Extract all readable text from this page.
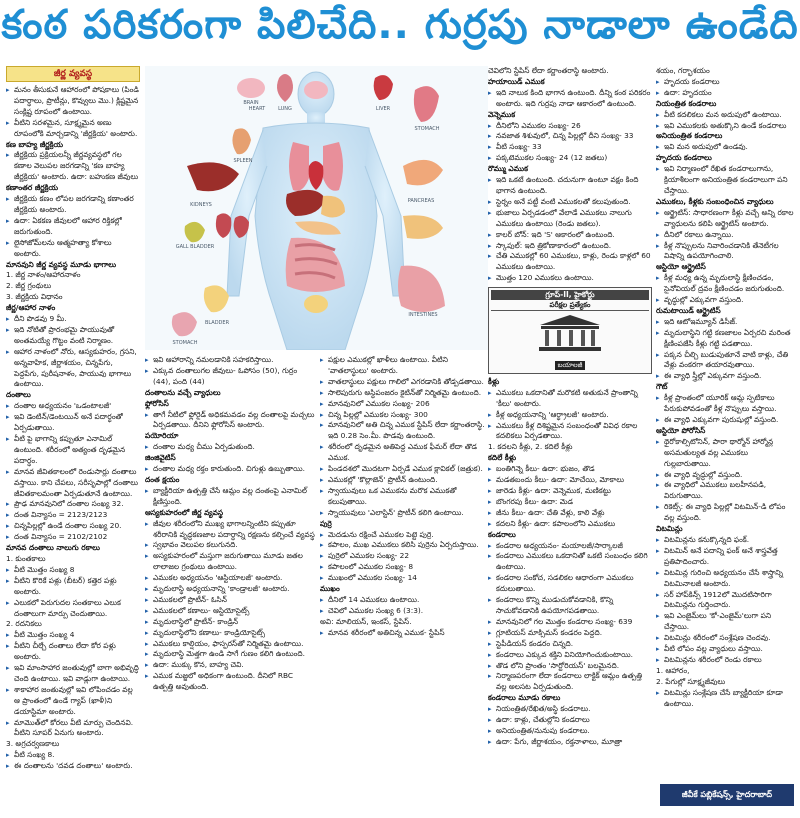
కంఠ పరికరంగా పిలిచేది.. గుర్రపు నాడాలా ఉండేది
జీర్ణ వ్యవస్థ
▸ మనం తీసుకునే ఆహారంలో పోషకాలు (పిండి పదార్థాలు, ప్రొటీన్లు, కొవ్వులు మొ.) క్లిష్టమైన సంక్లిష్ట రూపంలో ఉంటాయి.
▸ వీటిని సరళమైన, సూక్ష్మమైన అణు రూపంలోకి మార్చడాన్ని 'జీర్ణక్రియ' అంటారు.
కణ బాహ్య జీర్ణక్రియ
▸ జీర్ణక్రియ ప్రక్రియలన్నీ జీర్ణవ్యవస్థలో గల కణాల వెలుపల జరగడాన్ని 'కణ బాహ్య జీర్ణక్రియ' అంటారు. ఉదా: బహుకణ జీవులు
కణాంతర జీర్ణక్రియ
▸ జీర్ణక్రియ కణం లోపల జరగడాన్ని కణాంతర జీర్ణక్రియ అంటారు.
▸ ఉదా: ఏకకణ జీవులలో ఆహార రిక్తికల్లో జరుగుతుంది.
▸ లైసోజోమ్‌లను ఆత్మహత్యా కోశాలు అంటారు.
మానవుని జీర్ణ వ్యవస్థ మూడు భాగాలు
1. జీర్ణ నాళం/ఆహారనాళం
2. జీర్ణ గ్రంథులు
3. జీర్ణక్రియ విధానం
జీర్ణ/ఆహార నాళం
▸ దీని పొడవు 9 మీ.
▸ ఇది నోటితో ప్రారంభమై పాయువుతో అంతమయ్యే గొట్టం వంటి నిర్మాణం.
▸ ఆహార నాళంలో నోరు, ఆస్యకుహరం, గ్రసని, అన్నవాహిక, జీర్ణాశయం, చిన్నపేగు, పెద్దపేగు, పురీషనాళం, పాయువు భాగాలు ఉంటాయి.
దంతాలు
▸ దంతాల అధ్యయనం 'ఒడంటాలజీ'
▸ ఇవి డెంటిన్/డెంటయిన్ అనే పదార్థంతో ఏర్పడుతాయి.
▸ వీటి పై భాగాన్ని కప్పుతూ ఎనామిల్ ఉంటుంది. శరీరంలో అత్యంత దృఢమైన పదార్థం.
▸ మానవ జీవితకాలంలో రెండుసార్లు దంతాలు వస్తాయి. కాని చేపలు, సరీసృపాల్లో దంతాలు జీవితకాలమంతా ఏర్పడుతూనే ఉంటాయి.
▸ ప్రౌఢ మానవునిలో దంతాల సంఖ్య 32.
▸ దంత విన్యాసం = 2123/2123
▸ చిన్నపిల్లల్లో ఉండే దంతాల సంఖ్య 20.
▸ దంత విన్యాసం = 2102/2102
మానవ దంతాలు నాలుగు రకాలు
1. కుంతకాలు
▸ వీటి మొత్తం సంఖ్య 8
▸ వీటిని కొరికే పళ్లు (బీటర్) కత్తెర పళ్లు అంటారు.
▸ ఎలుకలో పెరుగుదల సంతకాలు ఎలుక దంతాలుగా మార్పు చెందుతాయి.
2. రదనికలు
▸ వీటి మొత్తం సంఖ్య 4
▸ వీటిని చీల్చే దంతాలు లేదా కోర పళ్లు అంటారు.
▸ ఇవి మాంసాహార జంతువుల్లో బాగా అభివృద్ధి చెంది ఉంటాయి. ఇవి వాడ్లుగా ఉంటాయి.
▸ శాకాహార జంతువుల్లో ఇవి లోపించడం వల్ల ఆ ప్రాంతంలో ఉండే గ్యాప్ (ఖాళీ)ని డయాస్టిమా అంటారు.
▸ మామొత్‌లో కోరలు వీటి మార్పు చెందినవి. వీటిని సూపర్ ఏనుగు అంటారు.
3. అగ్రచర్వణకాలు
▸ వీటి సంఖ్య 8.
▸ ఈ దంతాలను 'దవడ దంతాలు' అంటారు.
HEART	LUNG	LIVER
BRAIN
STOMACH
SPLEEN
KIDNEYS
INTESTINES
PANCREAS
GALL BLADDER
BLADDER
STOMACH
▸ ఇవి ఆహారాన్ని నమలడానికి సహకరిస్తాయి.
▸ ఎక్కువ దంతాలుగల జీవులు- ఓపోసం (50), గుర్రం (44), పంది (44)
దంతాలను వచ్చే వ్యాధులు
ఫ్లోరోసిస్
▸ తాగే నీటిలో ఫ్లోరైడ్ అధికమవడం వల్ల దంతాలపై మచ్చలు ఏర్పడతాయి. దీనిని ఫ్లోరోసిస్ అంటారు.
పయోరియా
▸ దంతాల మధ్య చీము ఏర్పడుతుంది.
జింజివైటిస్
▸ దంతాల మధ్య రక్తం కారుతుంది. చిగుళ్లు ఉబ్బుతాయి.
దంత క్షయం
▸ బ్యాక్టీరియా ఉత్పత్తి చేసే ఆమ్లం వల్ల దంతంపై ఎనామిల్ క్షీణిస్తుంది.
ఆస్యకుహరంలో జీర్ణ వ్యవస్థ
▸ జీవుల శరీరంలోని ముఖ్య భాగాలన్నింటిని కప్పుతూ శరీరానికి వృద్ధకణజాల పదార్థాన్ని రక్షణను కల్పించే వ్యవస్థ
▸ స్వభావం వెలుపల కలుగునది.
▸ అస్యకుహరంలో మస్తుగా జరుగుతాయి మూడు జతల లాలాజల గ్రంథులు ఉంటాయి.
▸ ఎముకల అధ్యయనం 'ఆస్టియాలజీ' అంటారు.
▸ మృదులాస్థి అధ్యయనాన్ని 'కాండ్రాలజీ' అంటారు.
▸ ఎముకలలో ప్రొటీన్- ఓసిన్
▸ ఎముకలలో కణాలు- ఆస్టియోసైట్స్
▸ మృదులాస్థిలో ప్రొటీన్- కాండ్రిన్
▸ మృదులాస్థిలోని కణాలు- కాండ్రియోసైట్స్
▸ ఎముకలు కాల్షియం, ఫాస్ఫరస్‌తో నిర్మితమై ఉంటాయి.
▸ మృదులాస్థి మెత్తగా ఉండి సాగే గుణం కలిగి ఉంటుంది.
▸ ఉదా: ముక్కు కొన, బాహ్య చెవి.
▸ ఎముక మజ్జలో అధికంగా ఉంటుంది. దీనిలో RBC ఉత్పత్తి అవుతుంది.
▸ పక్షుల ఎముకల్లో ఖాళీలు ఉంటాయి. వీటిని 'వాతలాస్థులు' అంటారు.
▸ వాతలాస్థులు పక్షులు గాలిలో ఎగరడానికి తోడ్పడతాయి.
▸ సాలెపురుగు అస్థిపంజరం కైటిన్‌తో నిర్మితమై ఉంటుంది.
▸ మానవునిలో ఎముకల సంఖ్య- 206
▸ చిన్న పిల్లల్లో ఎముకల సంఖ్య- 300
▸ మానవునిలో అతి చిన్న ఎముక స్టేపిస్ లేదా కర్ణాంతరాస్థి. ఇది 0.28 సెం.మీ. పొడవు ఉంటుంది.
▸ శరీరంలో దృఢమైన అతిపెద్ద ఎముక ఫీమర్ లేదా తొడ ఎముక.
▸ పిండదశలో మొదటగా ఏర్పడే ఎముక క్లావికల్ (జత్రుక).
▸ ఎముకల్లో 'కొల్లాజెన్' ప్రొటీన్ ఉంటుంది.
▸ స్వాయువులు ఒక ఎముకను మరొక ఎముకతో కలుపుతాయి.
▸ స్నాయువులు 'ఎలాస్టిన్' ప్రొటీన్ కలిగి ఉంటాయి.
పుర్రె
▸ మెదడును రక్షించే ఎముకల పెట్టె పుర్రె.
▸ కపాలం, ముఖ ఎముకలు కలిసి పుర్రెను ఏర్పరుస్తాయి.
▸ పుర్రెలో ఎముకల సంఖ్య- 22
▸ కపాలంలో ఎముకల సంఖ్య- 8
▸ ముఖంలో ఎముకల సంఖ్య- 14
ముఖం
▸ దీనిలో 14 ఎముకలు ఉంటాయి.
▸ చెవిలో ఎముకల సంఖ్య 6 (3:3).
అవి: మాలియస్, ఇంకస్, స్టేపిస్.
▸ మానవ శరీరంలో అతిచిన్న ఎముక- స్టేపిస్
చెవిలోని స్టేపిస్ లేదా కర్ణాంతరాస్థి అంటారు.
హయాయిడ్ ఎముక
▸ ఇది నాలుక కింది భాగాన ఉంటుంది. దీన్ని కంఠ పరికరం అంటారు. ఇది గుర్రపు నాడా ఆకారంలో ఉంటుంది.
వెన్నెముక
▸ దీనిలోని ఎముకల సంఖ్య- 26
▸ నవజాత శిశువులో, చిన్న పిల్లల్లో దీని సంఖ్య- 33
▸ వీటి సంఖ్య- 33
▸ పక్కటెముకల సంఖ్య- 24 (12 జతలు)
రొమ్ము ఎముక
▸ ఇది ఒకటే ఉంటుంది. చదునుగా ఉంటూ వక్షం కింది భాగాన ఉంటుంది.
▸ స్టెర్నం అనే పట్టీ వంటి ఎముకలతో కలుపుతుంది.
▸ భుజాలు ఏర్పడడంలో వేలాడే ఎముకలు నాలుగు ఎముకలు ఉంటాయి (రెండు జతలు).
▸ కాలర్ బోన్: ఇది 'S' ఆకారంలో ఉంటుంది.
▸ స్కాపుల్: ఇది త్రికోణాకారంలో ఉంటుంది.
▸ చేతి ఎముకల్లో 60 ఎముకలు, కాళ్లు, రెండు కాళ్లలో 60 ఎముకలు ఉంటాయి.
▸ మొత్తం 120 ఎముకలు ఉంటాయి.
గ్రూప్-II, హైకోర్టు
పరీక్షల ప్రత్యేకం
బయాలజీ
కీళ్లు
▸ ఎముకలు ఒకదానితో మరొకటి అతుకునే ప్రాంతాన్ని 'కీలు' అంటారు.
▸ కీళ్ల అధ్యయనాన్ని 'ఆర్థ్రాలజీ' అంటారు.
▸ ఎముకలు కీళ్ల దిశిష్టమైన సంబంధంతో వివిధ రకాల కదలికలు ఏర్పడతాయి.
1. కదలని కీళ్లు, 2. కదిలే కీళ్లు
కదిలే కీళ్లు
▸ బంతిగిన్నె కీలు- ఉదా: భుజం, తొడ
▸ మడతబందు కీలు- ఉదా: మోచేయి, మోకాలు
▸ జారెడు కీళ్లు- ఉదా: వెన్నెముక, మణికట్టు
▸ బొంగరపు కీలు- ఉదా: మెడ
▸ జీను కీలు- ఉదా: చేతి వేళ్లు, కాలి వేళ్లు
▸ కదలని కీళ్లు- ఉదా: కపాలంలోని ఎముకలు
కండరాలు
▸ కండరాల అధ్యయనం- మయాలజీ/సార్కాలజీ
▸ కండరాలు ఎముకలు ఒకదానితో ఒకటి సంబంధం కలిగి ఉంటాయి.
▸ కండరాల సంకోచ, సడలికల ఆధారంగా ఎముకలు కదులుతాయి.
▸ కండరాలు కొన్ని ముడుచుకోవడానికి, కొన్ని సాచుకోవడానికి ఉపయోగపడతాయి.
▸ మానవునిలో గల మొత్తం కండరాల సంఖ్య- 639
▸ గ్లూటియస్ మాక్సిమస్ కండరం పెద్దది.
▸ స్టెపీడియస్ కండరం చిన్నది.
▸ కండరాలు ఎక్కువ శక్తిని వినియోగించుకుంటాయి.
▸ తొడ లోని ప్రాంతం 'సార్టోరియస్' బలమైనది.
▸ నిర్మాణపరంగా లేదా కండరాలు లాక్టిక్ ఆమ్లం ఉత్పత్తి వల్ల అలసట ఏర్పడుతుంది.
కండరాలు మూడు రకాలు
▸ నియంత్రిత/రేఖిత/అస్థి కండరాలు.
▸ ఉదా: కాళ్లు, చేతుల్లోని కండరాలు
▸ అనియంత్రిత/నునుపు కండరాలు.
▸ ఉదా: పేగు, జీర్ణాశయం, రక్తనాళాలు, మూత్రా
శయం, గర్భాశయం
▸ హృదయ కండరాలు
▸ ఉదా: హృదయం
నియంత్రిత కండరాలు
▸ వీటి కదలికలు మన అదుపులో ఉంటాయి.
▸ ఇవి ఎముకలకు అతుక్కొని ఉండే కండరాలు
అనియంత్రిత కండరాలు
▸ ఇవి మన అదుపులో ఉండవు.
హృదయ కండరాలు
▸ ఇవి నిర్మాణంలో రేఖిత కండరాలుగాను, క్రియాశీలంగా అనియంత్రిత కండరాలుగా పని చేస్తాయి.
ఎముకలు, కీళ్లకు సంబంధించిన వ్యాధులు
▸ ఆర్థ్రైటిస్: సాధారణంగా కీళ్లు వచ్చే అన్ని రకాల వ్యాధులను కలిపి ఆర్థ్రైటిస్ అంటారు.
▸ దీనిలో రకాలు ఉన్నాయి.
▸ కీళ్ల నొప్పులను నివారించడానికి తేనెటీగల విషాన్ని ఉపయోగించాలి.
ఆస్టియో ఆర్థ్రైటిస్
▸ కీళ్ల మధ్య ఉన్న మృదులాస్థి క్షీణించడం, సైనోవియల్ ద్రవం క్షీణించడం జరుగుతుంది.
▸ వృద్ధుల్లో ఎక్కువగా వస్తుంది.
రుమటాయిడ్ ఆర్థ్రైటిస్
▸ ఇది ఆటోఇమ్యూన్ డిసీజ్.
▸ మృదులాస్థిని గట్టి కణజాలం ఏర్పరచి మరింత క్షీణింపజేసి కీళ్లు గట్టి పడతాయి.
▸ పక్కన చీల్చి బుడుపుతూనే వాటి కాళ్లు, చేతి వేళ్లు వంకరగా తయారవుతాయి.
▸ ఈ వ్యాధి స్త్రీల్లో ఎక్కువగా వస్తుంది.
గౌట్
▸ కీళ్ల ప్రాంతంలో యూరిక్ ఆమ్ల స్ఫటికాలు పేరుకుపోవడంతో కీళ్ల నొప్పులు వస్తాయి.
▸ ఈ వ్యాధి ఎక్కువగా పురుషుల్లో వస్తుంది.
ఆస్టియో పోరోసిస్
▸ థైరోకాల్సిటోనిన్, పారా థార్మోన్ హార్మోన్ల అసమతుల్యత వల్ల ఎముకలు గుల్లబారుతాయి.
▸ ఈ వ్యాధి వృద్ధుల్లో వస్తుంది.
▸ ఈ వ్యాధిలో ఎముకలు బలహీనపడి, విరుగుతాయి.
▸ రికెట్స్: ఈ వ్యాధి పిల్లల్లో విటమిన్-డి లోపం వల్ల వస్తుంది.
విటమిన్లు
▸ విటమిన్లను కనుక్కొన్నది ఫంక్.
▸ విటమిన్ అనే పదాన్ని ఫంక్ అనే శాస్త్రవేత్త ప్రతిపాదించారు.
▸ విటమిన్ల గురించి అధ్యయనం చేసే శాస్త్రాన్ని విటమినాలజీ అంటారు.
▸ సర్ హాప్‌కిన్స్ 1912లో మొదటిసారిగా విటమిన్లను గుర్తించారు.
▸ ఇవి ఎంజైమ్‌లు 'కో-ఎంజైమ్'లుగా పని చేస్తాయి.
▸ విటమిన్లు శరీరంలో సంశ్లేషణ చెందవు.
▸ వీటి లోపం వల్ల వ్యాధులు వస్తాయి.
▸ విటమిన్లను శరీరంలో రెండు రకాలు
1. ఆహారం,
2. పేగుల్లో సూక్ష్మజీవులు
▸ విటమిన్లు సంశ్లేషణ చేసే బ్యాక్టీరియా కూడా ఉంటాయి.
జీవీకే పబ్లికేషన్స్, హైదరాబాద్
